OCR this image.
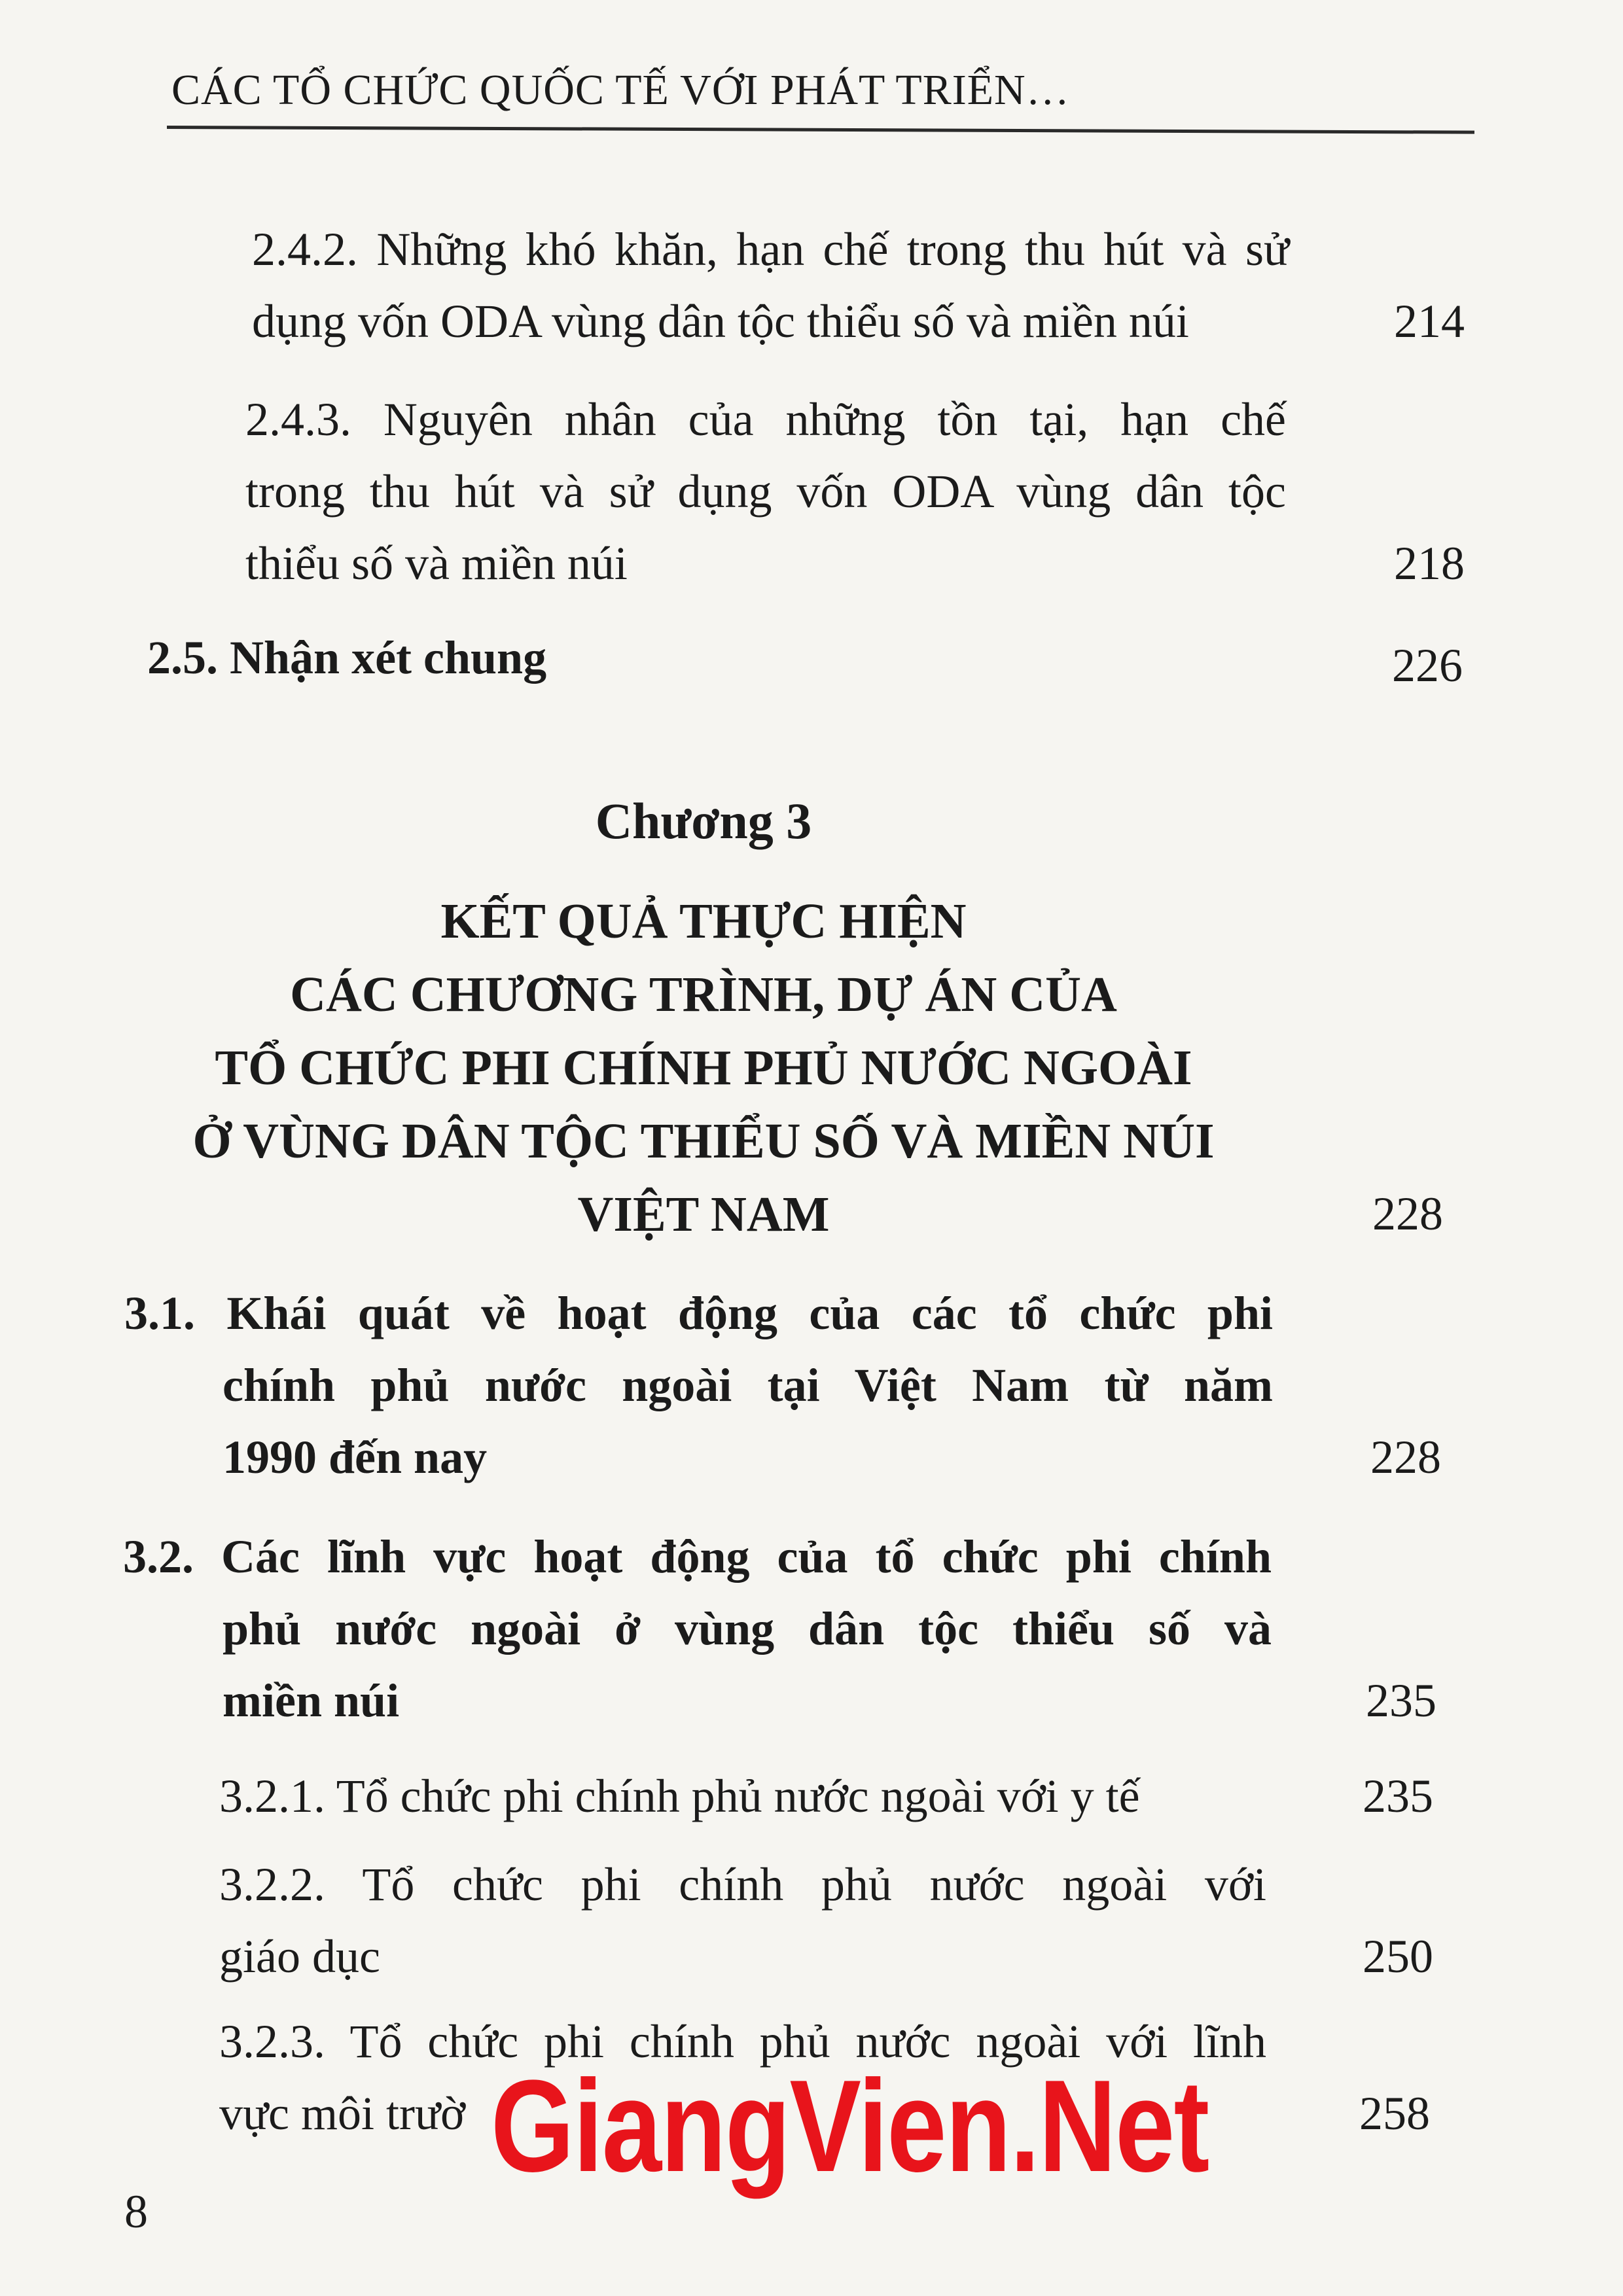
CÁC TỔ CHỨC QUỐC TẾ VỚI PHÁT TRIỂN…
2.4.2. Những khó khăn, hạn chế trong thu hút và sử
dụng vốn ODA vùng dân tộc thiểu số và miền núi	214
2.4.3. Nguyên nhân của những tồn tại, hạn chế
trong thu hút và sử dụng vốn ODA vùng dân tộc
thiểu số và miền núi	218
2.5. Nhận xét chung	226
Chương 3
KẾT QUẢ THỰC HIỆN
CÁC CHƯƠNG TRÌNH, DỰ ÁN CỦA
TỔ CHỨC PHI CHÍNH PHỦ NƯỚC NGOÀI
Ở VÙNG DÂN TỘC THIỂU SỐ VÀ MIỀN NÚI
VIỆT NAM	228
3.1. Khái quát về hoạt động của các tổ chức phi
chính phủ nước ngoài tại Việt Nam từ năm
1990 đến nay	228
3.2. Các lĩnh vực hoạt động của tổ chức phi chính
phủ nước ngoài ở vùng dân tộc thiểu số và
miền núi	235
3.2.1. Tổ chức phi chính phủ nước ngoài với y tế	235
3.2.2. Tổ chức phi chính phủ nước ngoài với
giáo dục	250
3.2.3. Tổ chức phi chính phủ nước ngoài với lĩnh
vực môi trườ	258
GiangVien.Net
8
